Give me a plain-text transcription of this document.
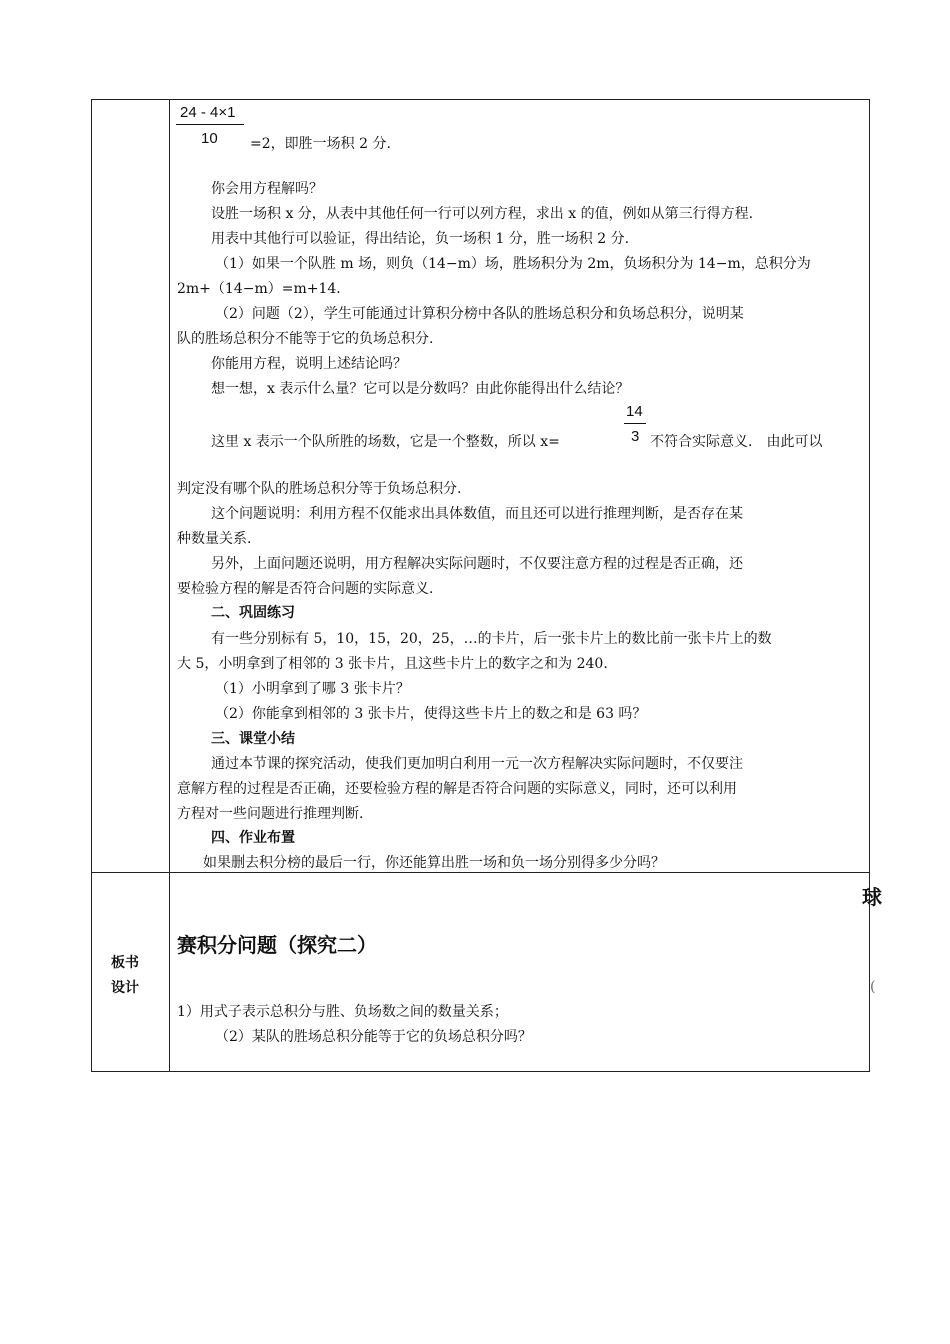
24 - 4×1
10 =2，即胜一场积 2 分.
你会用方程解吗？
设胜一场积 x 分，从表中其他任何一行可以列方程，求出 x 的值，例如从第三行得方程.
用表中其他行可以验证，得出结论，负一场积 1 分，胜一场积 2 分.
（1）如果一个队胜 m 场，则负（14−m）场，胜场积分为 2m，负场积分为 14−m，总积分为
2m+（14−m）=m+14.
（2）问题（2），学生可能通过计算积分榜中各队的胜场总积分和负场总积分，说明某
队的胜场总积分不能等于它的负场总积分.
你能用方程，说明上述结论吗？
想一想，x 表示什么量？它可以是分数吗？由此你能得出什么结论？
这里 x 表示一个队所胜的场数，它是一个整数，所以 x=
14
3 不符合实际意义． 由此可以
判定没有哪个队的胜场总积分等于负场总积分.
这个问题说明：利用方程不仅能求出具体数值，而且还可以进行推理判断，是否存在某
种数量关系.
另外，上面问题还说明，用方程解决实际问题时，不仅要注意方程的过程是否正确，还
要检验方程的解是否符合问题的实际意义.
二、巩固练习
有一些分别标有 5，10，15，20，25，…的卡片，后一张卡片上的数比前一张卡片上的数
大 5，小明拿到了相邻的 3 张卡片，且这些卡片上的数字之和为 240.
（1）小明拿到了哪 3 张卡片？
（2）你能拿到相邻的 3 张卡片，使得这些卡片上的数之和是 63 吗？
三、课堂小结
通过本节课的探究活动，使我们更加明白利用一元一次方程解决实际问题时，不仅要注
意解方程的过程是否正确，还要检验方程的解是否符合问题的实际意义，同时，还可以利用
方程对一些问题进行推理判断.
四、作业布置
如果删去积分榜的最后一行，你还能算出胜一场和负一场分别得多少分吗？
板书
设计
球
赛积分问题（探究二）
(
1）用式子表示总积分与胜、负场数之间的数量关系；
（2）某队的胜场总积分能等于它的负场总积分吗？
